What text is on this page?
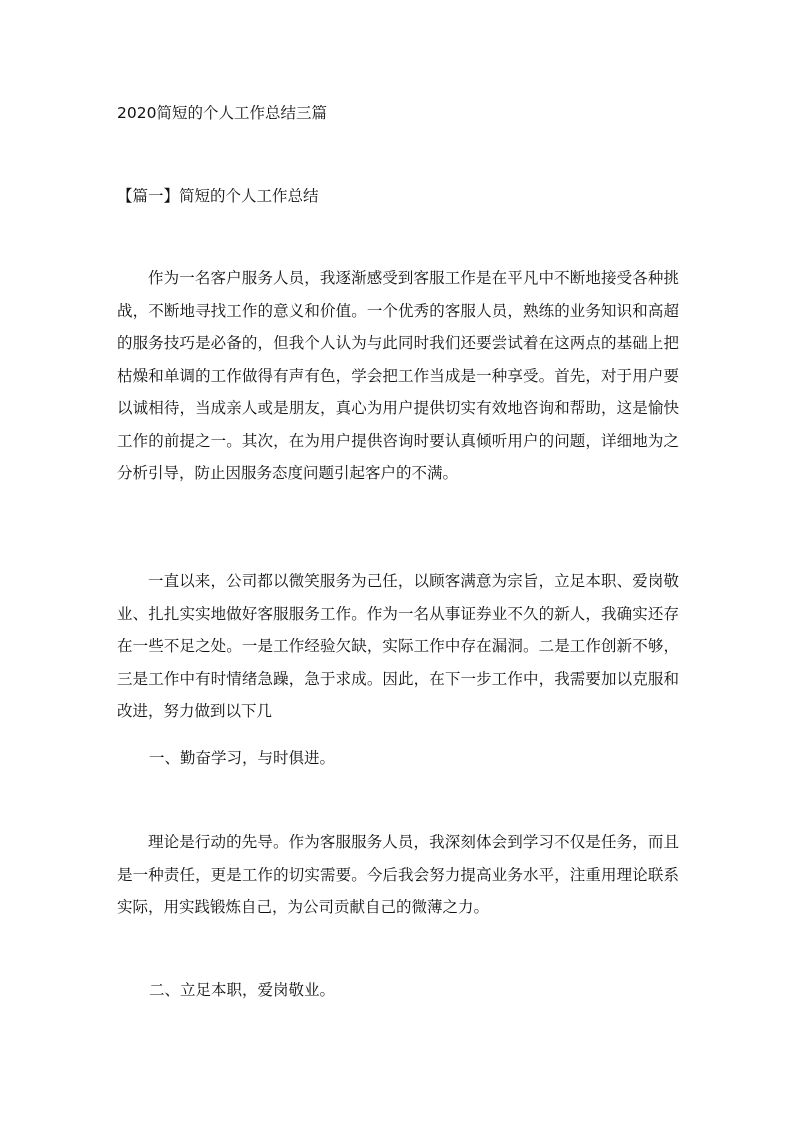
2020简短的个人工作总结三篇
【篇一】简短的个人工作总结

作为一名客户服务人员，我逐渐感受到客服工作是在平凡中不断地接受各种挑战，不断地寻找工作的意义和价值。一个优秀的客服人员，熟练的业务知识和高超的服务技巧是必备的，但我个人认为与此同时我们还要尝试着在这两点的基础上把枯燥和单调的工作做得有声有色，学会把工作当成是一种享受。首先，对于用户要以诚相待，当成亲人或是朋友，真心为用户提供切实有效地咨询和帮助，这是愉快工作的前提之一。其次，在为用户提供咨询时要认真倾听用户的问题，详细地为之分析引导，防止因服务态度问题引起客户的不满。

一直以来，公司都以微笑服务为己任，以顾客满意为宗旨，立足本职、爱岗敬业、扎扎实实地做好客服服务工作。作为一名从事证券业不久的新人，我确实还存在一些不足之处。一是工作经验欠缺，实际工作中存在漏洞。二是工作创新不够，三是工作中有时情绪急躁，急于求成。因此，在下一步工作中，我需要加以克服和改进，努力做到以下几

一、勤奋学习，与时俱进。

理论是行动的先导。作为客服服务人员，我深刻体会到学习不仅是任务，而且是一种责任，更是工作的切实需要。今后我会努力提高业务水平，注重用理论联系实际，用实践锻炼自己，为公司贡献自己的微薄之力。

二、立足本职，爱岗敬业。
